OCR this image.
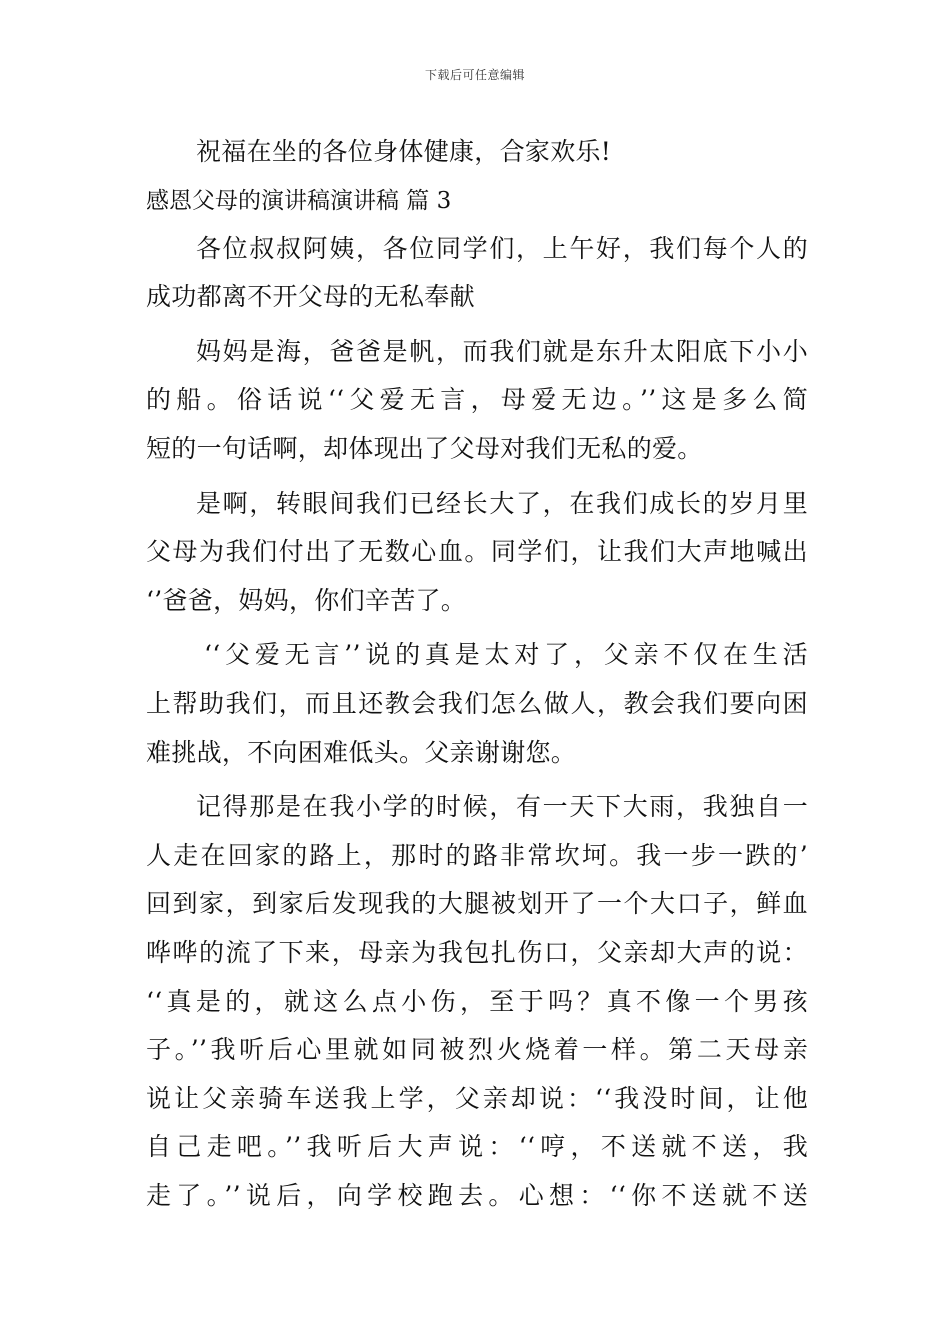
下载后可任意编辑
祝福在坐的各位身体健康，合家欢乐!
感恩父母的演讲稿演讲稿 篇 3
各位叔叔阿姨，各位同学们，上午好，我们每个人的
成功都离不开父母的无私奉献
妈妈是海，爸爸是帆，而我们就是东升太阳底下小小
的船。俗话说‘‘父爱无言，母爱无边。’’这是多么简
短的一句话啊，却体现出了父母对我们无私的爱。
是啊，转眼间我们已经长大了，在我们成长的岁月里
父母为我们付出了无数心血。同学们，让我们大声地喊出
‘’爸爸，妈妈，你们辛苦了。
‘‘父爱无言’’说的真是太对了，父亲不仅在生活
上帮助我们，而且还教会我们怎么做人，教会我们要向困
难挑战，不向困难低头。父亲谢谢您。
记得那是在我小学的时候，有一天下大雨，我独自一
人走在回家的路上，那时的路非常坎坷。我一步一跌的’
回到家，到家后发现我的大腿被划开了一个大口子，鲜血
哗哗的流了下来，母亲为我包扎伤口，父亲却大声的说：
‘‘真是的，就这么点小伤，至于吗？真不像一个男孩
子。’’我听后心里就如同被烈火烧着一样。第二天母亲
说让父亲骑车送我上学，父亲却说：‘‘我没时间，让他
自己走吧。’’我听后大声说：‘‘哼，不送就不送，我
走了。’’说后，向学校跑去。心想：‘‘你不送就不送
